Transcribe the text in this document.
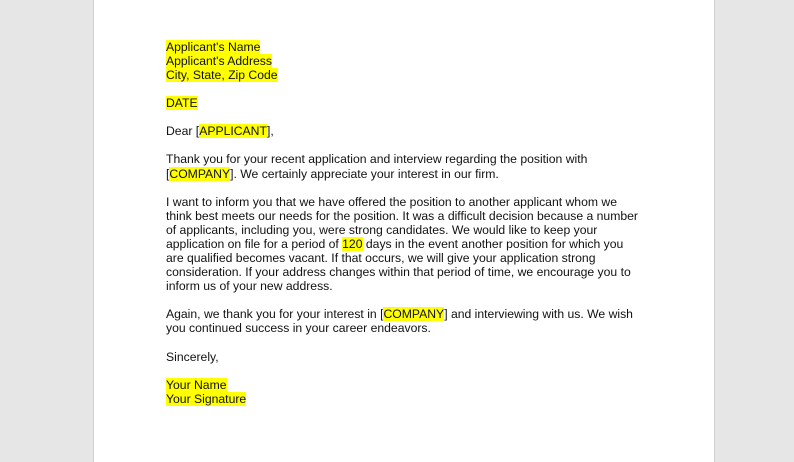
Applicant's Name
Applicant's Address
City, State, Zip Code
DATE
Dear [APPLICANT],
Thank you for your recent application and interview regarding the position with
[COMPANY]. We certainly appreciate your interest in our firm.
I want to inform you that we have offered the position to another applicant whom we
think best meets our needs for the position. It was a difficult decision because a number
of applicants, including you, were strong candidates. We would like to keep your
application on file for a period of 120 days in the event another position for which you
are qualified becomes vacant. If that occurs, we will give your application strong
consideration. If your address changes within that period of time, we encourage you to
inform us of your new address.
Again, we thank you for your interest in [COMPANY] and interviewing with us. We wish
you continued success in your career endeavors.
Sincerely,
Your Name
Your Signature
